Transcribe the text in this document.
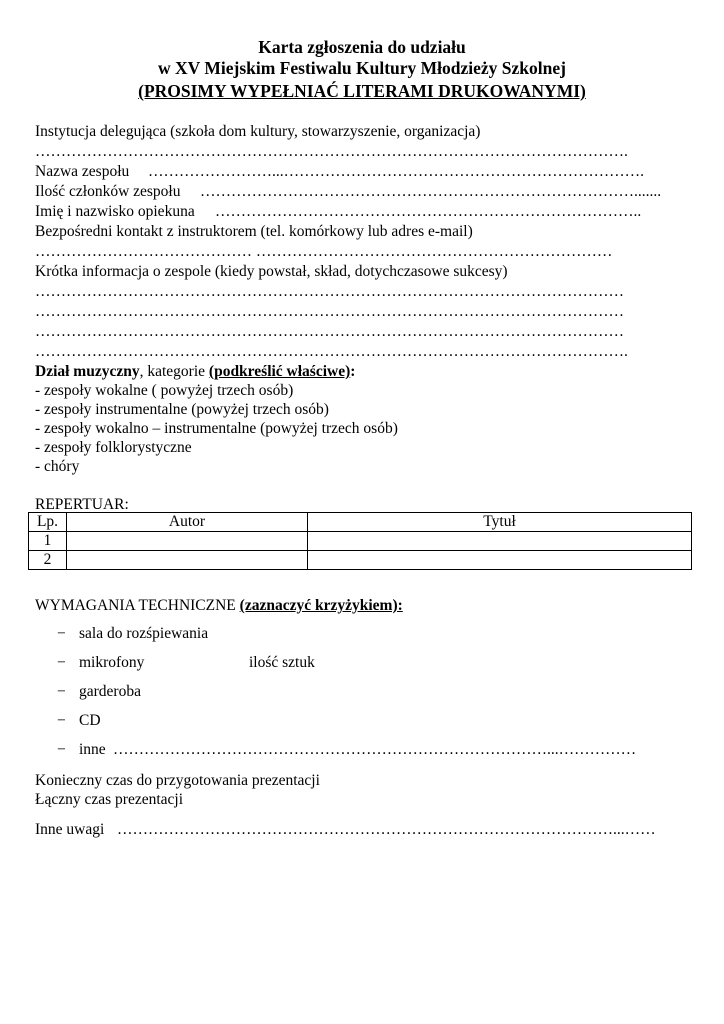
Karta zgłoszenia do udziału
w XV Miejskim Festiwalu Kultury Młodzieży Szkolnej
(PROSIMY WYPEŁNIAĆ LITERAMI DRUKOWANYMI)
Instytucja delegująca (szkoła dom kultury, stowarzyszenie, organizacja)
…………………………………………………………………………………………………….
Nazwa zespołu ……………………...…………………………………………………………….
Ilość członków zespołu ………………………………………………………………………….......
Imię i nazwisko opiekuna ………………………………………………………………………..
Bezpośredni kontakt z instruktorem (tel. komórkowy lub adres e-mail)
…………………………………… ……………………………………………………………
Krótka informacja o zespole (kiedy powstał, skład, dotychczasowe sukcesy)
……………………………………………………………………………………………………
……………………………………………………………………………………………………
……………………………………………………………………………………………………
…………………………………………………………………………………………………….
Dział muzyczny, kategorie (podkreślić właściwe):
- zespoły wokalne ( powyżej trzech osób)
- zespoły instrumentalne (powyżej trzech osób)
- zespoły wokalno – instrumentalne (powyżej trzech osób)
- zespoły folklorystyczne
- chóry
REPERTUAR:
Lp.	Autor	Tytuł
1		
2		
WYMAGANIA TECHNICZNE (zaznaczyć krzyżykiem):
− sala do rozśpiewania
− mikrofony	ilość sztuk
− garderoba
− CD
− inne …………………………………………………………………………...……………
Konieczny czas do przygotowania prezentacji
Łączny czas prezentacji
Inne uwagi ……………………………………………………………………………………...……
